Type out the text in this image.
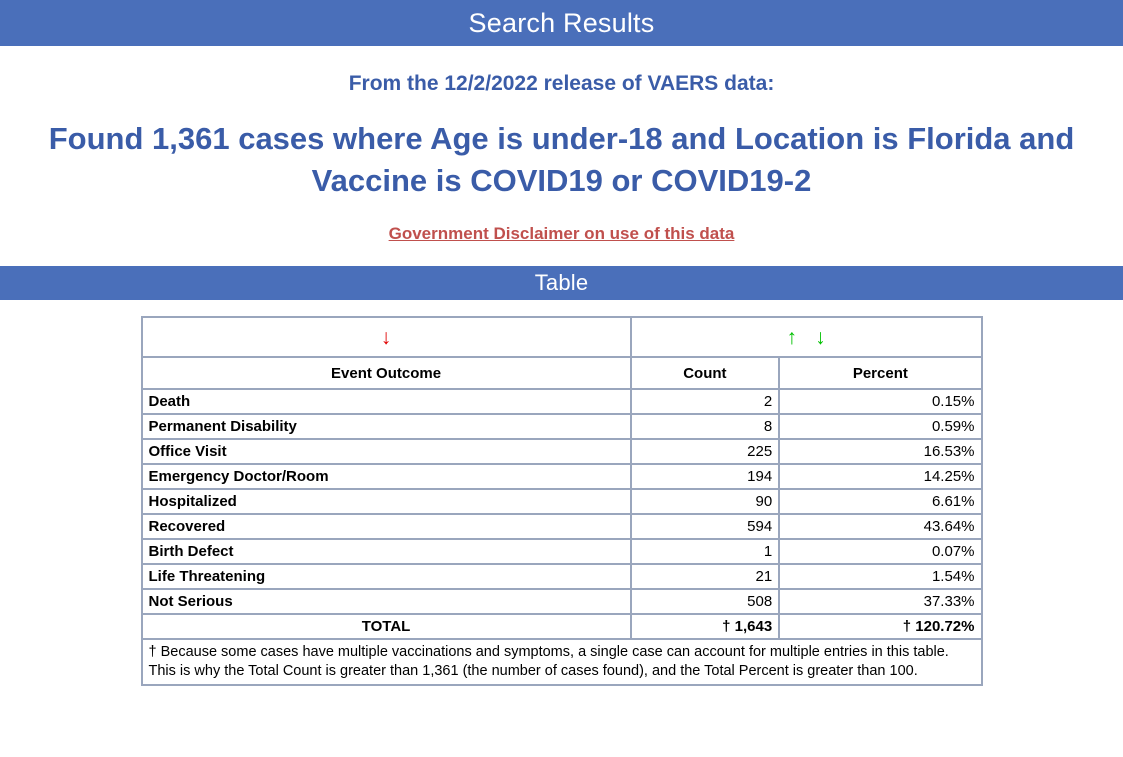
Search Results
From the 12/2/2022 release of VAERS data:
Found 1,361 cases where Age is under-18 and Location is Florida and Vaccine is COVID19 or COVID19-2
Government Disclaimer on use of this data
Table
↓	↑ ↓	
Event Outcome	Count	Percent
Death	2	0.15%
Permanent Disability	8	0.59%
Office Visit	225	16.53%
Emergency Doctor/Room	194	14.25%
Hospitalized	90	6.61%
Recovered	594	43.64%
Birth Defect	1	0.07%
Life Threatening	21	1.54%
Not Serious	508	37.33%
TOTAL	† 1,643	† 120.72%
† Because some cases have multiple vaccinations and symptoms, a single case can account for multiple entries in this table. This is why the Total Count is greater than 1,361 (the number of cases found), and the Total Percent is greater than 100.		
